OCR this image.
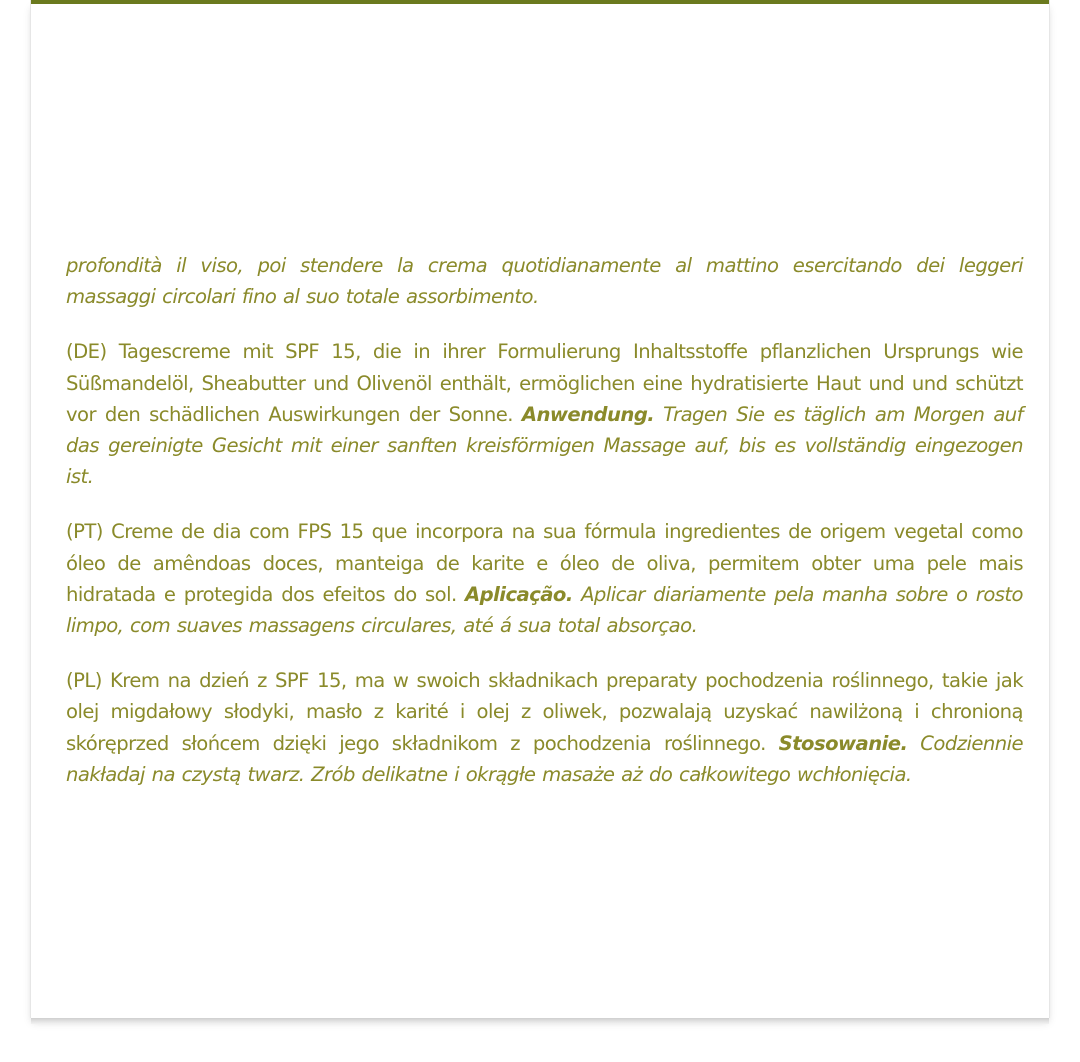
profondità il viso, poi stendere la crema quotidianamente al mattino esercitando dei leggeri massaggi circolari fino al suo totale assorbimento.

(DE) Tagescreme mit SPF 15, die in ihrer Formulierung Inhaltsstoffe pflanzlichen Ursprungs wie Süßmandelöl, Sheabutter und Olivenöl enthält, ermöglichen eine hydratisierte Haut und und schützt vor den schädlichen Auswirkungen der Sonne. Anwendung. Tragen Sie es täglich am Morgen auf das gereinigte Gesicht mit einer sanften kreisförmigen Massage auf, bis es vollständig eingezogen ist.

(PT) Creme de dia com FPS 15 que incorpora na sua fórmula ingredientes de origem vegetal como óleo de amêndoas doces, manteiga de karite e óleo de oliva, permitem obter uma pele mais hidratada e protegida dos efeitos do sol. Aplicação. Aplicar diariamente pela manha sobre o rosto limpo, com suaves massagens circulares, até á sua total absorçao.

(PL) Krem na dzień z SPF 15, ma w swoich składnikach preparaty pochodzenia roślinnego, takie jak olej migdałowy słodyki, masło z karité i olej z oliwek, pozwalają uzyskać nawilżoną i chronioną skóręprzed słońcem dzięki jego składnikom z pochodzenia roślinnego. Stosowanie. Codziennie nakładaj na czystą twarz. Zrób delikatne i okrągłe masaże aż do całkowitego wchłonięcia.
